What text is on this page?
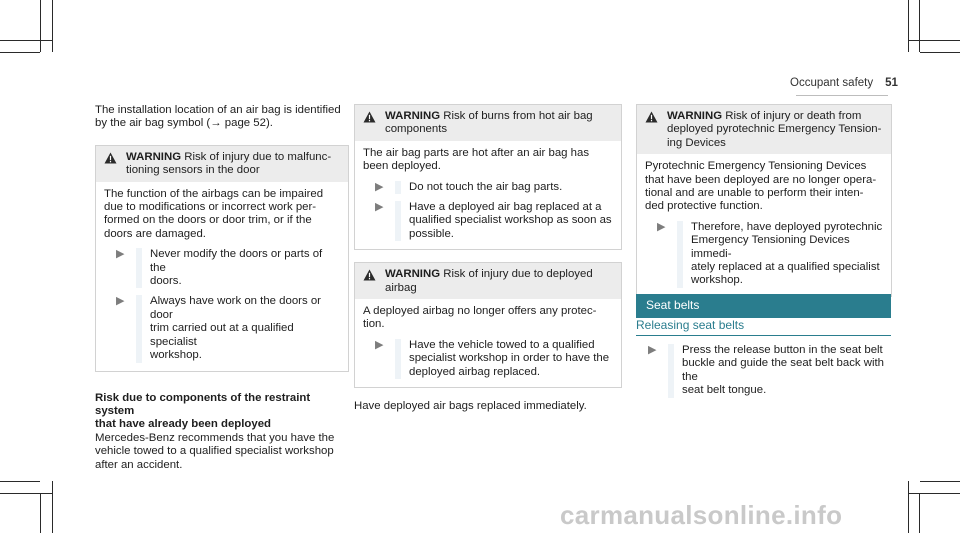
Occupant safety 51

The installation location of an air bag is identified
by the air bag symbol (→ page 52).

WARNING Risk of injury due to malfunc-
tioning sensors in the door

The function of the airbags can be impaired
due to modifications or incorrect work per-
formed on the doors or door trim, or if the
doors are damaged.

▶	Never modify the doors or parts of the
doors.
▶	Always have work on the doors or door
trim carried out at a qualified specialist
workshop.

Risk due to components of the restraint system
that have already been deployed

Mercedes-Benz recommends that you have the
vehicle towed to a qualified specialist workshop
after an accident.

WARNING Risk of burns from hot air bag
components

The air bag parts are hot after an air bag has
been deployed.

▶	Do not touch the air bag parts.
▶	Have a deployed air bag replaced at a
qualified specialist workshop as soon as
possible.
WARNING Risk of injury due to deployed
airbag

A deployed airbag no longer offers any protec-
tion.

▶	Have the vehicle towed to a qualified
specialist workshop in order to have the
deployed airbag replaced.

Have deployed air bags replaced immediately.

WARNING Risk of injury or death from
deployed pyrotechnic Emergency Tension-
ing Devices

Pyrotechnic Emergency Tensioning Devices
that have been deployed are no longer opera-
tional and are unable to perform their inten-
ded protective function.

▶	Therefore, have deployed pyrotechnic
Emergency Tensioning Devices immedi-
ately replaced at a qualified specialist
workshop.
Seat belts
Releasing seat belts
▶	Press the release button in the seat belt
buckle and guide the seat belt back with the
seat belt tongue.
carmanualsonline.info
